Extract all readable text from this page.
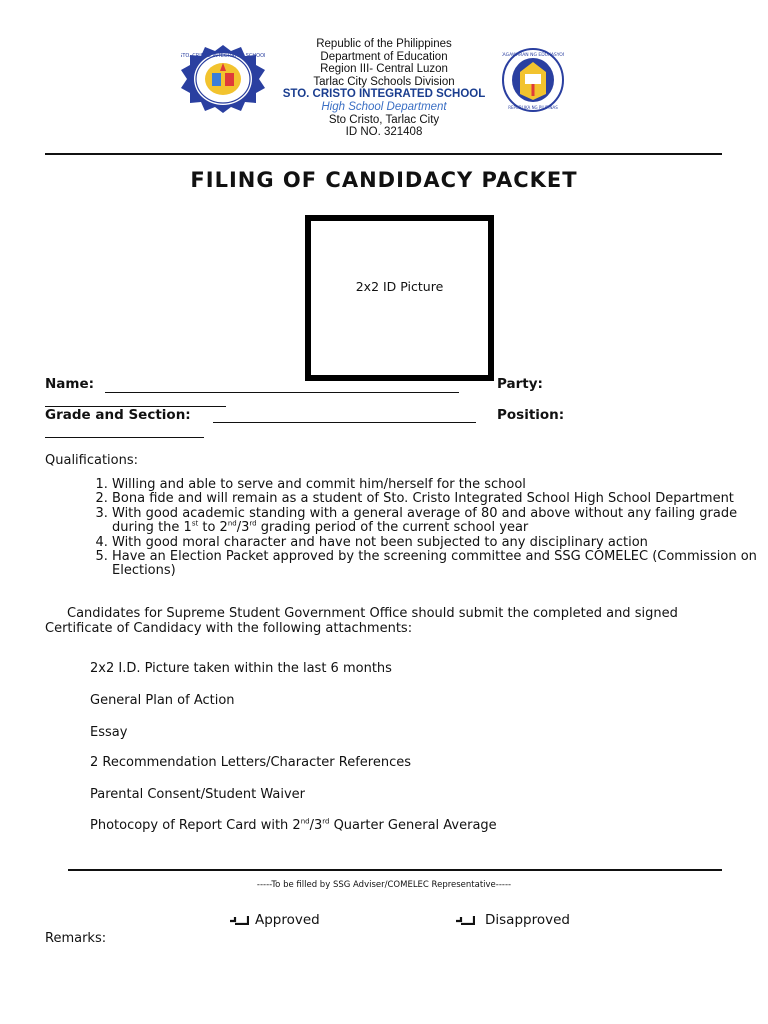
STO. CRISTO INTEGRATED SCHOOL
Republic of the Philippines
Department of Education
Region III- Central Luzon
Tarlac City Schools Division
STO. CRISTO INTEGRATED SCHOOL
High School Department
Sto Cristo, Tarlac City
ID NO. 321408
KAGAWARAN NG EDUKASYON
REPUBLIKA NG PILIPINAS
FILING OF CANDIDACY PACKET
2x2 ID Picture
Name:	Party:
Grade and Section:	Position:
Qualifications:
1. Willing and able to serve and commit him/herself for the school
2. Bona fide and will remain as a student of Sto. Cristo Integrated School High School Department
3. With good academic standing with a general average of 80 and above without any failing grade during the 1st to 2nd/3rd grading period of the current school year
4. With good moral character and have not been subjected to any disciplinary action
5. Have an Election Packet approved by the screening committee and SSG COMELEC (Commission on Elections)
Candidates for Supreme Student Government Office should submit the completed and signed Certificate of Candidacy with the following attachments:
2x2 I.D. Picture taken within the last 6 months
General Plan of Action
Essay
2 Recommendation Letters/Character References
Parental Consent/Student Waiver
Photocopy of Report Card with 2nd/3rd Quarter General Average
-----To be filled by SSG Adviser/COMELEC Representative-----
Approved	Disapproved
Remarks:
